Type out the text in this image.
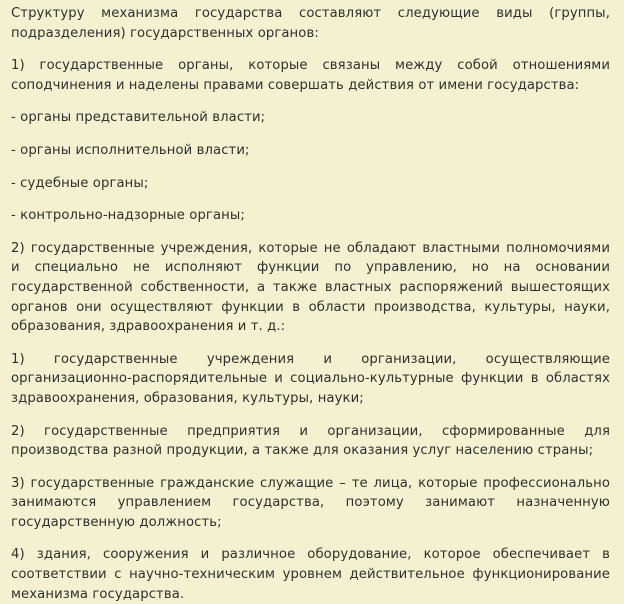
Структуру механизма государства составляют следующие виды (группы, подразделения) государственных органов:

1) государственные органы, которые связаны между собой отношениями соподчинения и наделены правами совершать действия от имени государства:

- органы представительной власти;

- органы исполнительной власти;

- судебные органы;

- контрольно-надзорные органы;

2) государственные учреждения, которые не обладают властными полномочиями и специально не исполняют функции по управлению, но на основании государственной собственности, а также властных распоряжений вышестоящих органов они осуществляют функции в области производства, культуры, науки, образования, здравоохранения и т. д.:

1) государственные учреждения и организации, осуществляющие организационно-распорядительные и социально-культурные функции в областях здравоохранения, образования, культуры, науки;

2) государственные предприятия и организации, сформированные для производства разной продукции, а также для оказания услуг населению страны;

3) государственные гражданские служащие – те лица, которые профессионально занимаются управлением государства, поэтому занимают назначенную государственную должность;

4) здания, сооружения и различное оборудование, которое обеспечивает в соответствии с научно-техническим уровнем действительное функционирование механизма государства.
